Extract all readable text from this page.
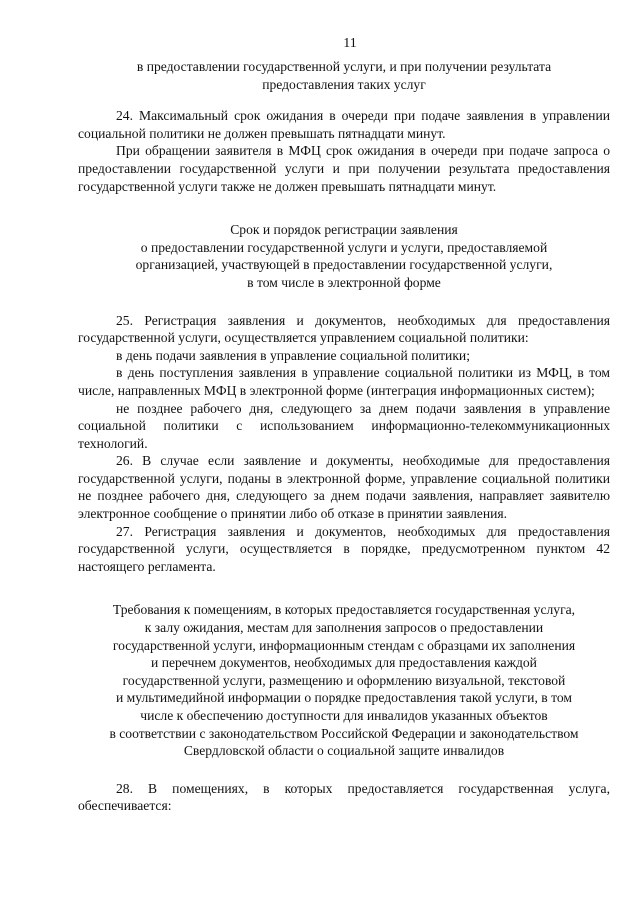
11

в предоставлении государственной услуги, и при получении результата предоставления таких услуг

24. Максимальный срок ожидания в очереди при подаче заявления в управлении социальной политики не должен превышать пятнадцати минут.

При обращении заявителя в МФЦ срок ожидания в очереди при подаче запроса о предоставлении государственной услуги и при получении результата предоставления государственной услуги также не должен превышать пятнадцати минут.

Срок и порядок регистрации заявления

о предоставлении государственной услуги и услуги, предоставляемой

организацией, участвующей в предоставлении государственной услуги,

в том числе в электронной форме

25. Регистрация заявления и документов, необходимых для предоставления государственной услуги, осуществляется управлением социальной политики:

в день подачи заявления в управление социальной политики;

в день поступления заявления в управление социальной политики из МФЦ, в том числе, направленных МФЦ в электронной форме (интеграция информационных систем);

не позднее рабочего дня, следующего за днем подачи заявления в управление социальной политики с использованием информационно-телекоммуникационных технологий.

26. В случае если заявление и документы, необходимые для предоставления государственной услуги, поданы в электронной форме, управление социальной политики не позднее рабочего дня, следующего за днем подачи заявления, направляет заявителю электронное сообщение о принятии либо об отказе в принятии заявления.

27. Регистрация заявления и документов, необходимых для предоставления государственной услуги, осуществляется в порядке, предусмотренном пунктом 42 настоящего регламента.

Требования к помещениям, в которых предоставляется государственная услуга,

к залу ожидания, местам для заполнения запросов о предоставлении

государственной услуги, информационным стендам с образцами их заполнения

и перечнем документов, необходимых для предоставления каждой

государственной услуги, размещению и оформлению визуальной, текстовой

и мультимедийной информации о порядке предоставления такой услуги, в том

числе к обеспечению доступности для инвалидов указанных объектов

в соответствии с законодательством Российской Федерации и законодательством

Свердловской области о социальной защите инвалидов

28. В помещениях, в которых предоставляется государственная услуга, обеспечивается:
